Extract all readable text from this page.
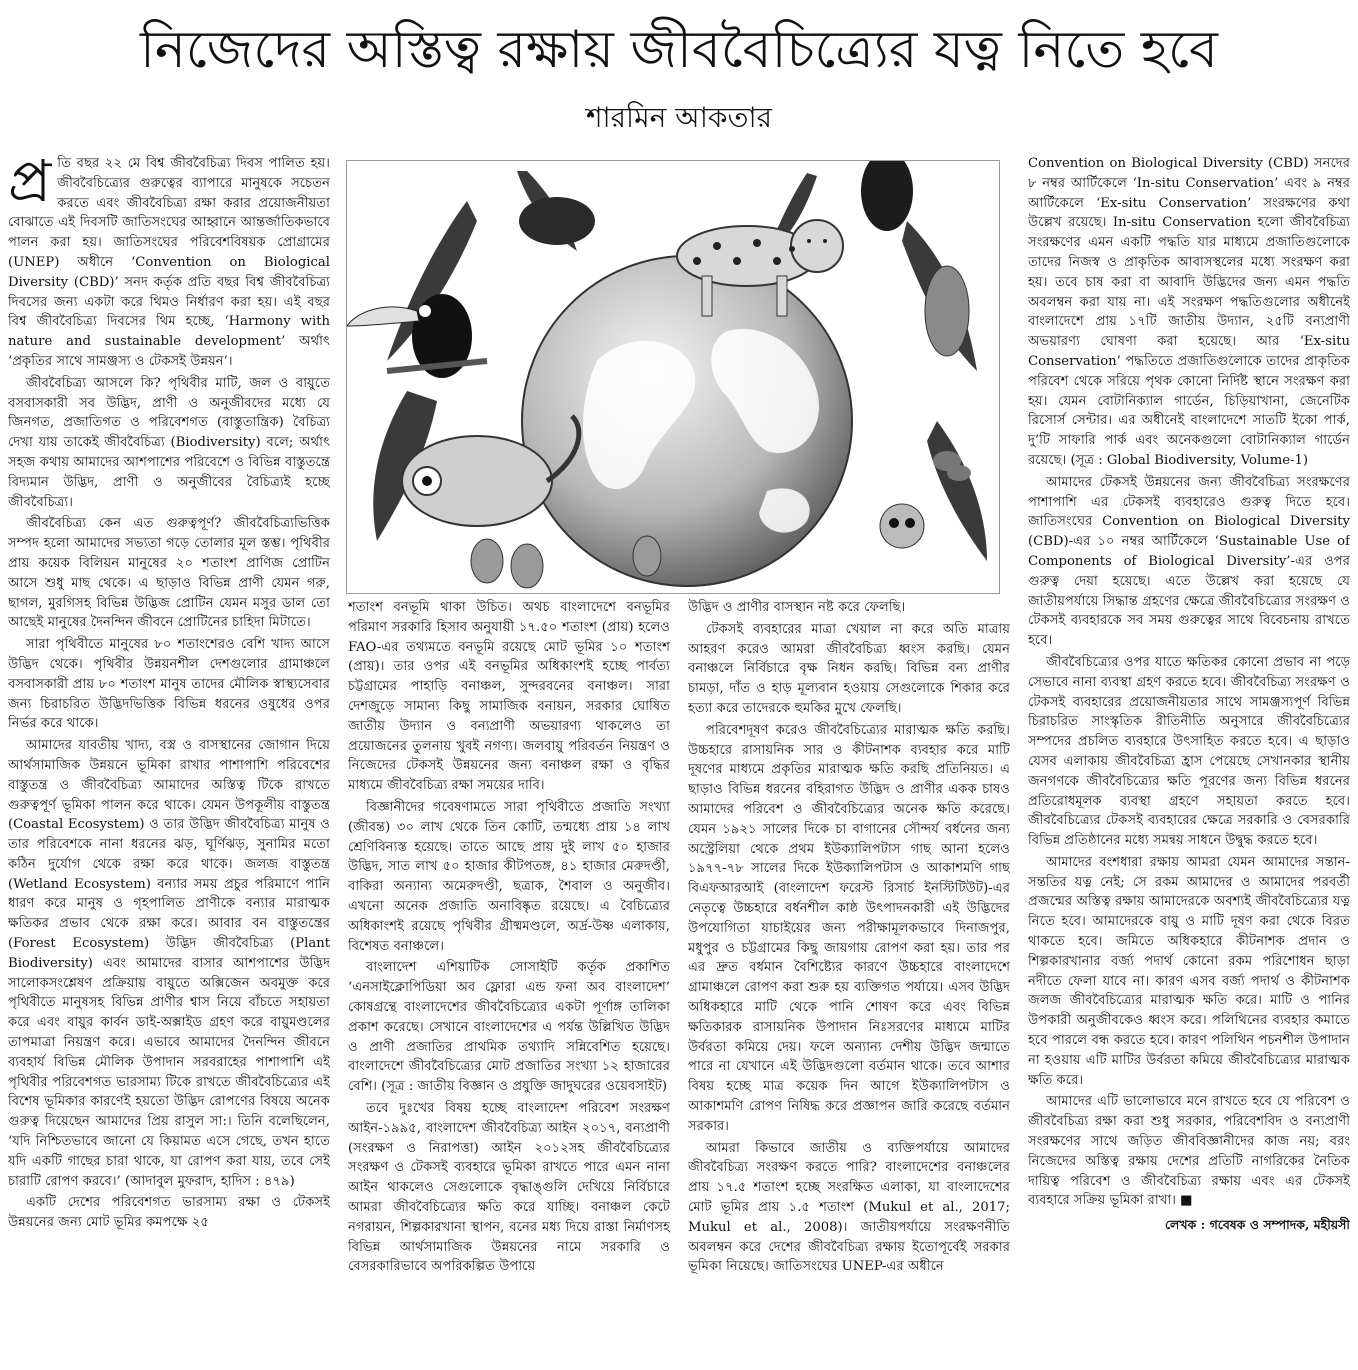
নিজেদের অস্তিত্ব রক্ষায় জীববৈচিত্র্যের যত্ন নিতে হবে
শারমিন আকতার

প্র তি বছর ২২ মে বিশ্ব জীববৈচিত্র্য দিবস পালিত হয়। জীববৈচিত্র্যের গুরুত্বের ব্যাপারে মানুষকে সচেতন করতে এবং জীববৈচিত্র্য রক্ষা করার প্রয়োজনীয়তা বোঝাতে এই দিবসটি জাতিসংঘের আহ্বানে আন্তর্জাতিকভাবে পালন করা হয়। জাতিসংঘের পরিবেশবিষয়ক প্রোগ্রামের (UNEP) অধীনে ‘Convention on Biological Diversity (CBD)’ সনদ কর্তৃক প্রতি বছর বিশ্ব জীববৈচিত্র্য দিবসের জন্য একটা করে থিমও নির্ধারণ করা হয়। এই বছর বিশ্ব জীববৈচিত্র্য দিবসের থিম হচ্ছে, ‘Harmony with nature and sustainable development’ অর্থাৎ ‘প্রকৃতির সাথে সামঞ্জস্য ও টেকসই উন্নয়ন’।

জীববৈচিত্র্য আসলে কি? পৃথিবীর মাটি, জল ও বায়ুতে বসবাসকারী সব উদ্ভিদ, প্রাণী ও অনুজীবদের মধ্যে যে জিনগত, প্রজাতিগত ও পরিবেশগত (বাস্তুতান্ত্রিক) বৈচিত্র্য দেখা যায় তাকেই জীববৈচিত্র্য (Biodiversity) বলে; অর্থাৎ সহজ কথায় আমাদের আশপাশের পরিবেশে ও বিভিন্ন বাস্তুতন্ত্রে বিদ্যমান উদ্ভিদ, প্রাণী ও অনুজীবের বৈচিত্র্যই হচ্ছে জীববৈচিত্র্য।

জীববৈচিত্র্য কেন এত গুরুত্বপূর্ণ? জীববৈচিত্র্যভিত্তিক সম্পদ হলো আমাদের সভ্যতা গড়ে তোলার মূল স্তম্ভ। পৃথিবীর প্রায় কয়েক বিলিয়ন মানুষের ২০ শতাংশ প্রাণিজ প্রোটিন আসে শুধু মাছ থেকে। এ ছাড়াও বিভিন্ন প্রাণী যেমন গরু, ছাগল, মুরগিসহ বিভিন্ন উদ্ভিজ প্রোটিন যেমন মসুর ডাল তো আছেই মানুষের দৈনন্দিন জীবনে প্রোটিনের চাহিদা মিটাতে।

সারা পৃথিবীতে মানুষের ৮০ শতাংশেরও বেশি খাদ্য আসে উদ্ভিদ থেকে। পৃথিবীর উন্নয়নশীল দেশগুলোর গ্রামাঞ্চলে বসবাসকারী প্রায় ৮০ শতাংশ মানুষ তাদের মৌলিক স্বাস্থ্যসেবার জন্য চিরাচরিত উদ্ভিদভিত্তিক বিভিন্ন ধরনের ওষুধের ওপর নির্ভর করে থাকে।

আমাদের যাবতীয় খাদ্য, বস্ত্র ও বাসস্থানের জোগান দিয়ে আর্থসামাজিক উন্নয়নে ভূমিকা রাখার পাশাপাশি পরিবেশের বাস্তুতন্ত্র ও জীববৈচিত্র্য আমাদের অস্তিত্ব টিকে রাখতে গুরুত্বপূর্ণ ভূমিকা পালন করে থাকে। যেমন উপকূলীয় বাস্তুতন্ত্র (Coastal Ecosystem) ও তার উদ্ভিদ জীববৈচিত্র্য মানুষ ও তার পরিবেশকে নানা ধরনের ঝড়, ঘূর্ণিঝড়, সুনামির মতো কঠিন দুর্যোগ থেকে রক্ষা করে থাকে। জলজ বাস্তুতন্ত্র (Wetland Ecosystem) বন্যার সময় প্রচুর পরিমাণে পানি ধারণ করে মানুষ ও গৃহপালিত প্রাণীকে বন্যার মারাত্মক ক্ষতিকর প্রভাব থেকে রক্ষা করে। আবার বন বাস্তুতন্ত্রের (Forest Ecosystem) উদ্ভিদ জীববৈচিত্র্য (Plant Biodiversity) এবং আমাদের বাসার আশপাশের উদ্ভিদ সালোকসংশ্লেষণ প্রক্রিয়ায় বায়ুতে অক্সিজেন অবমুক্ত করে পৃথিবীতে মানুষসহ বিভিন্ন প্রাণীর শ্বাস নিয়ে বাঁচতে সহায়তা করে এবং বায়ুর কার্বন ডাই-অক্সাইড গ্রহণ করে বায়ুমণ্ডলের তাপমাত্রা নিয়ন্ত্রণ করে। এভাবে আমাদের দৈনন্দিন জীবনে ব্যবহার্য বিভিন্ন মৌলিক উপাদান সরবরাহের পাশাপাশি এই পৃথিবীর পরিবেশগত ভারসাম্য টিকে রাখতে জীববৈচিত্র্যের এই বিশেষ ভূমিকার কারণেই হয়তো উদ্ভিদ রোপণের বিষয়ে অনেক গুরুত্ব দিয়েছেন আমাদের প্রিয় রাসুল সা:। তিনি বলেছিলেন, ‘যদি নিশ্চিতভাবে জানো যে কিয়ামত এসে গেছে, তখন হাতে যদি একটি গাছের চারা থাকে, যা রোপণ করা যায়, তবে সেই চারাটি রোপণ করবে।’ (আদাবুল মুফরাদ, হাদিস : ৪৭৯)

একটি দেশের পরিবেশগত ভারসাম্য রক্ষা ও টেকসই উন্নয়নের জন্য মোট ভূমির কমপক্ষে ২৫

শতাংশ বনভূমি থাকা উচিত। অথচ বাংলাদেশে বনভূমির পরিমাণ সরকারি হিসাব অনুযায়ী ১৭.৫০ শতাংশ (প্রায়) হলেও FAO-এর তথ্যমতে বনভূমি রয়েছে মোট ভূমির ১০ শতাংশ (প্রায়)। তার ওপর এই বনভূমির অধিকাংশই হচ্ছে পার্বত্য চট্টগ্রামের পাহাড়ি বনাঞ্চল, সুন্দরবনের বনাঞ্চল। সারা দেশজুড়ে সামান্য কিছু সামাজিক বনায়ন, সরকার ঘোষিত জাতীয় উদ্যান ও বন্যপ্রাণী অভয়ারণ্য থাকলেও তা প্রয়োজনের তুলনায় খুবই নগণ্য। জলবায়ু পরিবর্তন নিয়ন্ত্রণ ও নিজেদের টেকসই উন্নয়নের জন্য বনাঞ্চল রক্ষা ও বৃদ্ধির মাধ্যমে জীববৈচিত্র্য রক্ষা সময়ের দাবি।

বিজ্ঞানীদের গবেষণামতে সারা পৃথিবীতে প্রজাতি সংখ্যা (জীবন্ত) ৩০ লাখ থেকে তিন কোটি, তন্মধ্যে প্রায় ১৪ লাখ শ্রেণিবিন্যস্ত হয়েছে। তাতে আছে প্রায় দুই লাখ ৫০ হাজার উদ্ভিদ, সাত লাখ ৫০ হাজার কীটপতঙ্গ, ৪১ হাজার মেরুদণ্ডী, বাকিরা অন্যান্য অমেরুদণ্ডী, ছত্রাক, শৈবাল ও অনুজীব। এখনো অনেক প্রজাতি অনাবিষ্কৃত রয়েছে। এ বৈচিত্র্যের অধিকাংশই রয়েছে পৃথিবীর গ্রীষ্মমণ্ডলে, অর্দ্র-উষ্ণ এলাকায়, বিশেষত বনাঞ্চলে।

বাংলাদেশ এশিয়াটিক সোসাইটি কর্তৃক প্রকাশিত ‘এনসাইক্লোপিডিয়া অব ফ্লোরা এন্ড ফনা অব বাংলাদেশ’ কোষগ্রন্থে বাংলাদেশের জীববৈচিত্র্যের একটা পূর্ণাঙ্গ তালিকা প্রকাশ করেছে। সেখানে বাংলাদেশের এ পর্যন্ত উল্লিখিত উদ্ভিদ ও প্রাণী প্রজাতির প্রাথমিক তথ্যাদি সন্নিবেশিত হয়েছে। বাংলাদেশে জীববৈচিত্র্যের মোট প্রজাতির সংখ্যা ১২ হাজারের বেশি। (সূত্র : জাতীয় বিজ্ঞান ও প্রযুক্তি জাদুঘরের ওয়েবসাইট)

তবে দুঃখের বিষয় হচ্ছে বাংলাদেশ পরিবেশ সংরক্ষণ আইন-১৯৯৫, বাংলাদেশ জীববৈচিত্র্য আইন ২০১৭, বন্যপ্রাণী (সংরক্ষণ ও নিরাপত্তা) আইন ২০১২সহ জীববৈচিত্র্যের সংরক্ষণ ও টেকসই ব্যবহারে ভূমিকা রাখতে পারে এমন নানা আইন থাকলেও সেগুলোকে বৃদ্ধাঙ্গুলি দেখিয়ে নির্বিচারে আমরা জীববৈচিত্র্যের ক্ষতি করে যাচ্ছি। বনাঞ্চল কেটে নগরায়ন, শিল্পকারখানা স্থাপন, বনের মধ্য দিয়ে রাস্তা নির্মাণসহ বিভিন্ন আর্থসামাজিক উন্নয়নের নামে সরকারি ও বেসরকারিভাবে অপরিকল্পিত উপায়ে

উদ্ভিদ ও প্রাণীর বাসস্থান নষ্ট করে ফেলছি।

টেকসই ব্যবহারের মাত্রা খেয়াল না করে অতি মাত্রায় আহরণ করেও আমরা জীববৈচিত্র্য ধ্বংস করছি। যেমন বনাঞ্চলে নির্বিচারে বৃক্ষ নিধন করছি। বিভিন্ন বন্য প্রাণীর চামড়া, দাঁত ও হাড় মূল্যবান হওয়ায় সেগুলোকে শিকার করে হত্যা করে তাদেরকে হুমকির মুখে ফেলছি।

পরিবেশদূষণ করেও জীববৈচিত্র্যের মারাত্মক ক্ষতি করছি। উচ্চহারে রাসায়নিক সার ও কীটনাশক ব্যবহার করে মাটি দূষণের মাধ্যমে প্রকৃতির মারাত্মক ক্ষতি করছি প্রতিনিয়ত। এ ছাড়াও বিভিন্ন ধরনের বহিরাগত উদ্ভিদ ও প্রাণীর একক চাষও আমাদের পরিবেশ ও জীববৈচিত্র্যের অনেক ক্ষতি করেছে। যেমন ১৯২১ সালের দিকে চা বাগানের সৌন্দর্য বর্ধনের জন্য অস্ট্রেলিয়া থেকে প্রথম ইউক্যালিপটাস গাছ আনা হলেও ১৯৭৭-৭৮ সালের দিকে ইউক্যালিপটাস ও আকাশমণি গাছ বিএফআরআই (বাংলাদেশ ফরেস্ট রিসার্চ ইনস্টিটিউট)-এর নেতৃত্বে উচ্চহারে বর্ধনশীল কাষ্ঠ উৎপাদনকারী এই উদ্ভিদের উপযোগিতা যাচাইয়ের জন্য পরীক্ষামূলকভাবে দিনাজপুর, মধুপুর ও চট্টগ্রামের কিছু জায়গায় রোপণ করা হয়। তার পর এর দ্রুত বর্ধমান বৈশিষ্ট্যের কারণে উচ্চহারে বাংলাদেশে গ্রামাঞ্চলে রোপণ করা শুরু হয় ব্যক্তিগত পর্যায়ে। এসব উদ্ভিদ অধিকহারে মাটি থেকে পানি শোষণ করে এবং বিভিন্ন ক্ষতিকারক রাসায়নিক উপাদান নিঃসরণের মাধ্যমে মাটির উর্বরতা কমিয়ে দেয়। ফলে অন্যান্য দেশীয় উদ্ভিদ জন্মাতে পারে না যেখানে এই উদ্ভিদগুলো বর্তমান থাকে। তবে আশার বিষয় হচ্ছে মাত্র কয়েক দিন আগে ইউক্যালিপটাস ও আকাশমণি রোপণ নিষিদ্ধ করে প্রজ্ঞাপন জারি করেছে বর্তমান সরকার।

আমরা কিভাবে জাতীয় ও ব্যক্তিপর্যায়ে আমাদের জীববৈচিত্র্য সংরক্ষণ করতে পারি? বাংলাদেশের বনাঞ্চলের প্রায় ১৭.৫ শতাংশ হচ্ছে সংরক্ষিত এলাকা, যা বাংলাদেশের মোট ভূমির প্রায় ১.৫ শতাংশ (Mukul et al., 2017; Mukul et al., 2008)। জাতীয়পর্যায়ে সংরক্ষণনীতি অবলম্বন করে দেশের জীববৈচিত্র্য রক্ষায় ইতোপূর্বেই সরকার ভূমিকা নিয়েছে। জাতিসংঘের UNEP-এর অধীনে

Convention on Biological Diversity (CBD) সনদের ৮ নম্বর আর্টিকেলে ‘In-situ Conservation’ এবং ৯ নম্বর আর্টিকেলে ‘Ex-situ Conservation’ সংরক্ষণের কথা উল্লেখ রয়েছে। In-situ Conservation হলো জীববৈচিত্র্য সংরক্ষণের এমন একটি পদ্ধতি যার মাধ্যমে প্রজাতিগুলোকে তাদের নিজস্ব ও প্রাকৃতিক আবাসস্থলের মধ্যে সংরক্ষণ করা হয়। তবে চাষ করা বা আবাদি উদ্ভিদের জন্য এমন পদ্ধতি অবলম্বন করা যায় না। এই সংরক্ষণ পদ্ধতিগুলোর অধীনেই বাংলাদেশে প্রায় ১৭টি জাতীয় উদ্যান, ২৫টি বন্যপ্রাণী অভয়ারণ্য ঘোষণা করা হয়েছে। আর ‘Ex-situ Conservation’ পদ্ধতিতে প্রজাতিগুলোকে তাদের প্রাকৃতিক পরিবেশ থেকে সরিয়ে পৃথক কোনো নির্দিষ্ট স্থানে সংরক্ষণ করা হয়। যেমন বোটানিক্যাল গার্ডেন, চিড়িয়াখানা, জেনেটিক রিসোর্স সেন্টার। এর অধীনেই বাংলাদেশে সাতটি ইকো পার্ক, দু’টি সাফারি পার্ক এবং অনেকগুলো বোটানিক্যাল গার্ডেন রয়েছে। (সূত্র : Global Biodiversity, Volume-1)

আমাদের টেকসই উন্নয়নের জন্য জীববৈচিত্র্য সংরক্ষণের পাশাপাশি এর টেকসই ব্যবহারেও গুরুত্ব দিতে হবে। জাতিসংঘের Convention on Biological Diversity (CBD)-এর ১০ নম্বর আর্টিকেলে ‘Sustainable Use of Components of Biological Diversity’-এর ওপর গুরুত্ব দেয়া হয়েছে। এতে উল্লেখ করা হয়েছে যে জাতীয়পর্যায়ে সিদ্ধান্ত গ্রহণের ক্ষেত্রে জীববৈচিত্র্যের সংরক্ষণ ও টেকসই ব্যবহারকে সব সময় গুরুত্বের সাথে বিবেচনায় রাখতে হবে।

জীববৈচিত্র্যের ওপর যাতে ক্ষতিকর কোনো প্রভাব না পড়ে সেভাবে নানা ব্যবস্থা গ্রহণ করতে হবে। জীববৈচিত্র্য সংরক্ষণ ও টেকসই ব্যবহারের প্রয়োজনীয়তার সাথে সামঞ্জস্যপূর্ণ বিভিন্ন চিরাচরিত সাংস্কৃতিক রীতিনীতি অনুসারে জীববৈচিত্র্যের সম্পদের প্রচলিত ব্যবহারে উৎসাহিত করতে হবে। এ ছাড়াও যেসব এলাকায় জীববৈচিত্র্য হ্রাস পেয়েছে সেখানকার স্থানীয় জনগণকে জীববৈচিত্র্যের ক্ষতি পূরণের জন্য বিভিন্ন ধরনের প্রতিরোধমূলক ব্যবস্থা গ্রহণে সহায়তা করতে হবে। জীববৈচিত্র্যের টেকসই ব্যবহারের ক্ষেত্রে সরকারি ও বেসরকারি বিভিন্ন প্রতিষ্ঠানের মধ্যে সমন্বয় সাধনে উদ্বুদ্ধ করতে হবে।

আমাদের বংশধারা রক্ষায় আমরা যেমন আমাদের সন্তান- সন্ততির যত্ন নেই; সে রকম আমাদের ও আমাদের পরবর্তী প্রজন্মের অস্তিত্ব রক্ষায় আমাদেরকে অবশ্যই জীববৈচিত্র্যের যত্ন নিতে হবে। আমাদেরকে বায়ু ও মাটি দূষণ করা থেকে বিরত থাকতে হবে। জমিতে অধিকহারে কীটনাশক প্রদান ও শিল্পকারখানার বর্জ্য পদার্থ কোনো রকম পরিশোধন ছাড়া নদীতে ফেলা যাবে না। কারণ এসব বর্জ্য পদার্থ ও কীটনাশক জলজ জীববৈচিত্র্যের মারাত্মক ক্ষতি করে। মাটি ও পানির উপকারী অনুজীবকেও ধ্বংস করে। পলিথিনের ব্যবহার কমাতে হবে পারলে বন্ধ করতে হবে। কারণ পলিথিন পচনশীল উপাদান না হওয়ায় এটি মাটির উর্বরতা কমিয়ে জীববৈচিত্র্যের মারাত্মক ক্ষতি করে।

আমাদের এটি ভালোভাবে মনে রাখতে হবে যে পরিবেশ ও জীববৈচিত্র্য রক্ষা করা শুধু সরকার, পরিবেশবিদ ও বন্যপ্রাণী সংরক্ষণের সাথে জড়িত জীববিজ্ঞানীদের কাজ নয়; বরং নিজেদের অস্তিত্ব রক্ষায় দেশের প্রতিটি নাগরিকের নৈতিক দায়িত্ব পরিবেশ ও জীববৈচিত্র্য রক্ষায় এবং এর টেকসই ব্যবহারে সক্রিয় ভূমিকা রাখা। ■

লেখক : গবেষক ও সম্পাদক, মহীয়সী
